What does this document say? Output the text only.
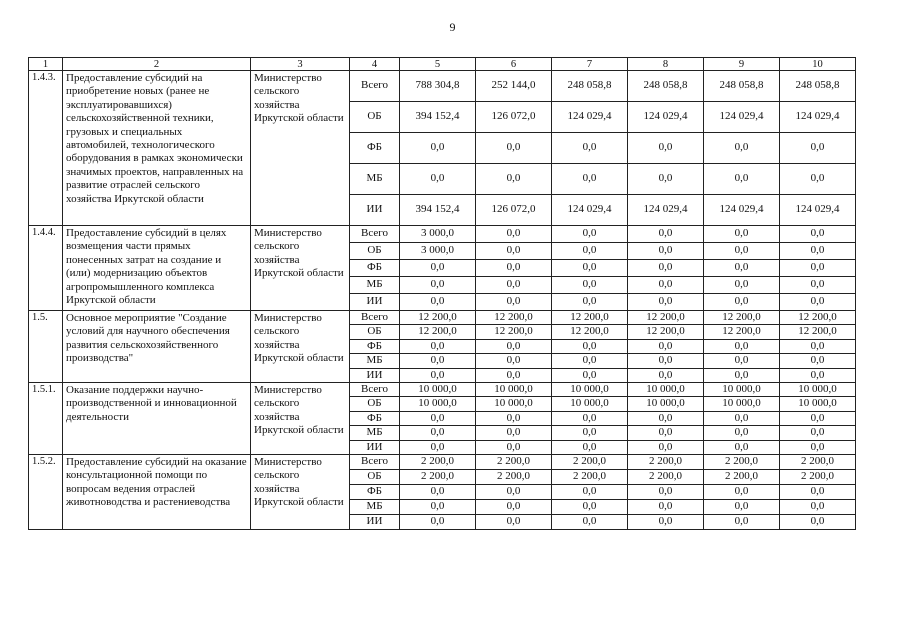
9
1	2	3	4	5	6	7	8	9	10
1.4.3.	Предоставление субсидий на приобретение новых (ранее не эксплуатировавшихся) сельскохозяйственной техники, грузовых и специальных автомобилей, технологического оборудования в рамках экономически значимых проектов, направленных на развитие отраслей сельского хозяйства Иркутской области	Министерство сельского хозяйства Иркутской области	Всего	788 304,8	252 144,0	248 058,8	248 058,8	248 058,8	248 058,8
			ОБ	394 152,4	126 072,0	124 029,4	124 029,4	124 029,4	124 029,4
			ФБ	0,0	0,0	0,0	0,0	0,0	0,0
			МБ	0,0	0,0	0,0	0,0	0,0	0,0
			ИИ	394 152,4	126 072,0	124 029,4	124 029,4	124 029,4	124 029,4
1.4.4.	Предоставление субсидий в целях возмещения части прямых понесенных затрат на создание и (или) модернизацию объектов агропромышленного комплекса Иркутской области	Министерство сельского хозяйства Иркутской области	Всего	3 000,0	0,0	0,0	0,0	0,0	0,0
			ОБ	3 000,0	0,0	0,0	0,0	0,0	0,0
			ФБ	0,0	0,0	0,0	0,0	0,0	0,0
			МБ	0,0	0,0	0,0	0,0	0,0	0,0
			ИИ	0,0	0,0	0,0	0,0	0,0	0,0
1.5.	Основное мероприятие "Создание условий для научного обеспечения развития сельскохозяйственного производства"	Министерство сельского хозяйства Иркутской области	Всего	12 200,0	12 200,0	12 200,0	12 200,0	12 200,0	12 200,0
			ОБ	12 200,0	12 200,0	12 200,0	12 200,0	12 200,0	12 200,0
			ФБ	0,0	0,0	0,0	0,0	0,0	0,0
			МБ	0,0	0,0	0,0	0,0	0,0	0,0
			ИИ	0,0	0,0	0,0	0,0	0,0	0,0
1.5.1.	Оказание поддержки научно-производственной и инновационной деятельности	Министерство сельского хозяйства Иркутской области	Всего	10 000,0	10 000,0	10 000,0	10 000,0	10 000,0	10 000,0
			ОБ	10 000,0	10 000,0	10 000,0	10 000,0	10 000,0	10 000,0
			ФБ	0,0	0,0	0,0	0,0	0,0	0,0
			МБ	0,0	0,0	0,0	0,0	0,0	0,0
			ИИ	0,0	0,0	0,0	0,0	0,0	0,0
1.5.2.	Предоставление субсидий на оказание консультационной помощи по вопросам ведения отраслей животноводства и растениеводства	Министерство сельского хозяйства Иркутской области	Всего	2 200,0	2 200,0	2 200,0	2 200,0	2 200,0	2 200,0
			ОБ	2 200,0	2 200,0	2 200,0	2 200,0	2 200,0	2 200,0
			ФБ	0,0	0,0	0,0	0,0	0,0	0,0
			МБ	0,0	0,0	0,0	0,0	0,0	0,0
			ИИ	0,0	0,0	0,0	0,0	0,0	0,0
